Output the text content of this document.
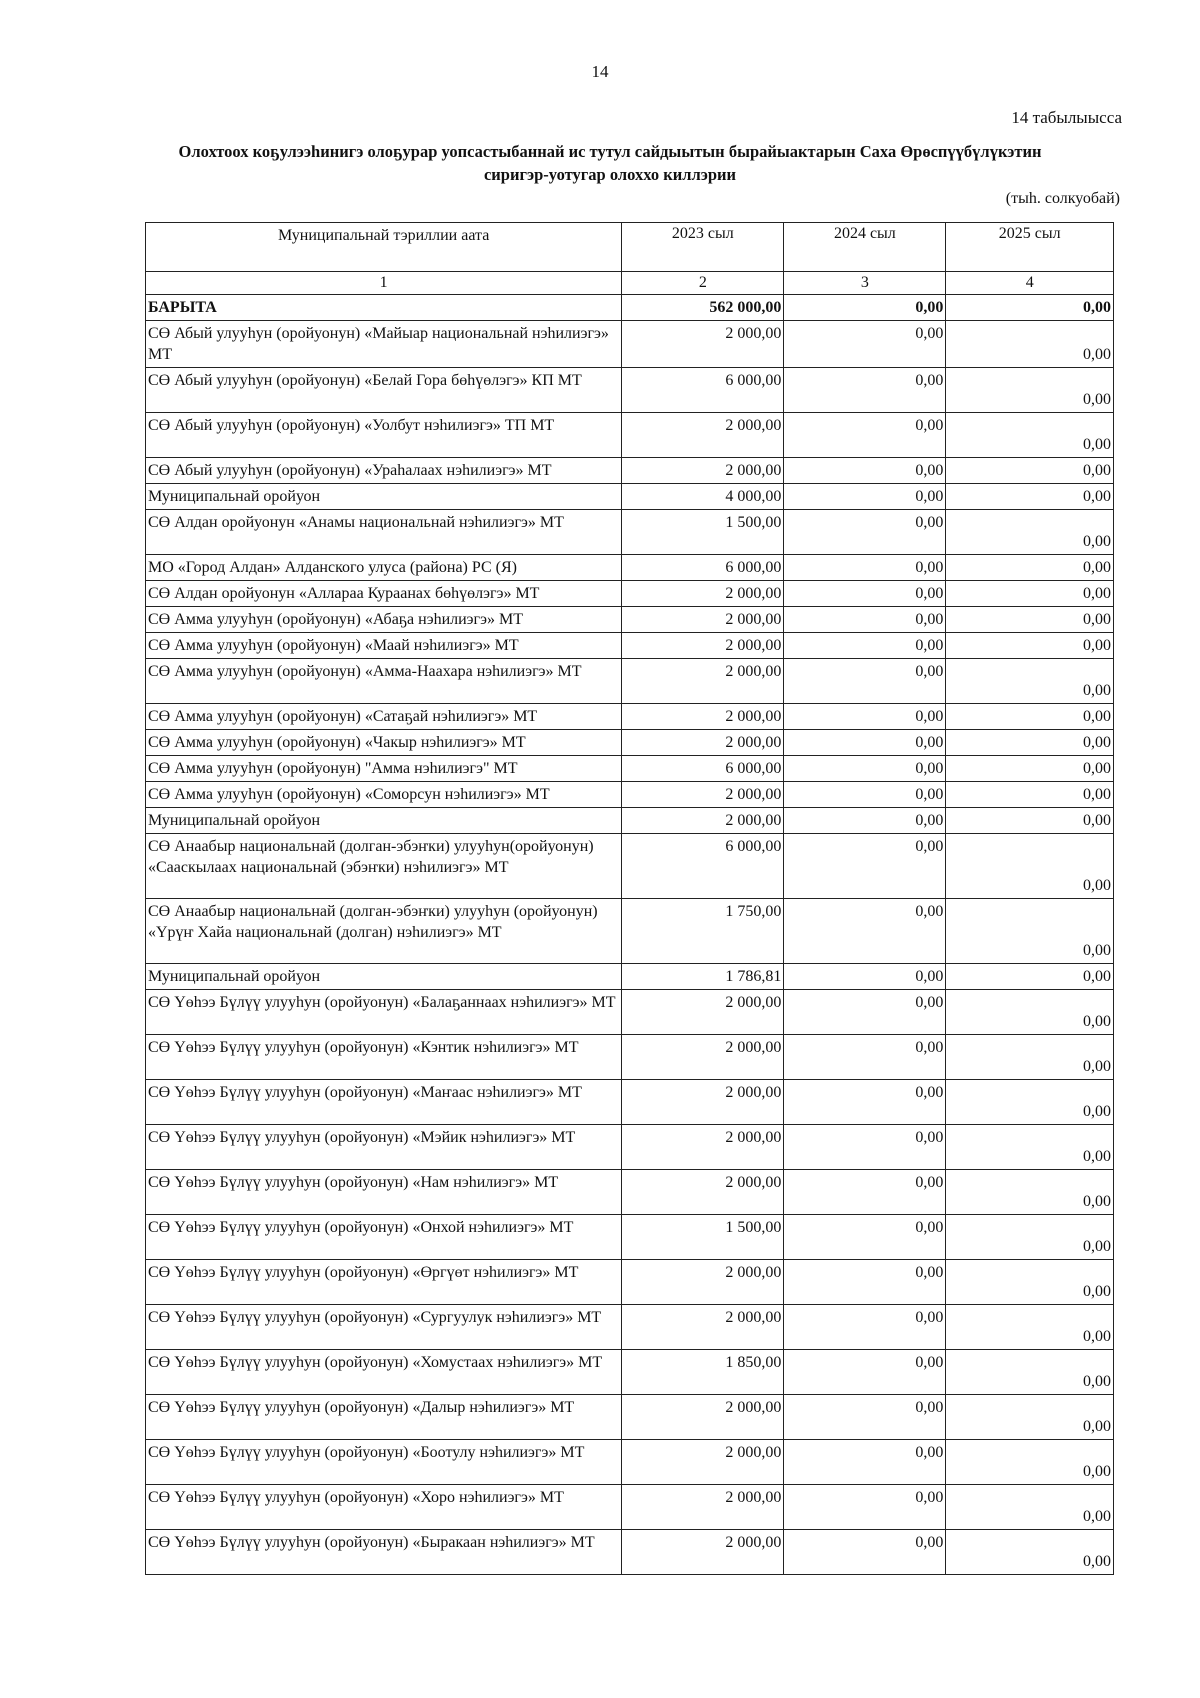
14
14 табылыысса
Олохтоох коҕулээһинигэ олоҕурар уопсастыбаннай ис тутул сайдыытын бырайыактарын Саха Өрөспүүбүлүкэтин
сиригэр-уотугар олоххо киллэрии
(тыһ. солкуобай)
Муниципальнай тэриллии аата	2023 сыл	2024 сыл	2025 сыл
1	2	3	4
БАРЫТА	562 000,00	0,00	0,00
СӨ Абый улууһун (оройуонун) «Майыар национальнай нэһилиэгэ» МТ	2 000,00	0,00	0,00
СӨ Абый улууһун (оройуонун) «Белай Гора бөһүөлэгэ» КП МТ	6 000,00	0,00	0,00
СӨ Абый улууһун (оройуонун) «Уолбут нэһилиэгэ» ТП МТ	2 000,00	0,00	0,00
СӨ Абый улууһун (оройуонун) «Ураһалаах нэһилиэгэ» МТ	2 000,00	0,00	0,00
Муниципальнай оройуон	4 000,00	0,00	0,00
СӨ Алдан оройуонун «Анамы национальнай нэһилиэгэ» МТ	1 500,00	0,00	0,00
МО «Город Алдан» Алданского улуса (района) РС (Я)	6 000,00	0,00	0,00
СӨ Алдан оройуонун «Алларaa Курaанах бөһүөлэгэ» МТ	2 000,00	0,00	0,00
СӨ Амма улууһун (оройуонун) «Абаҕа нэһилиэгэ» МТ	2 000,00	0,00	0,00
СӨ Амма улууһун (оройуонун) «Маай нэһилиэгэ» МТ	2 000,00	0,00	0,00
СӨ Амма улууһун (оройуонун) «Амма-Наахара нэһилиэгэ» МТ	2 000,00	0,00	0,00
СӨ Амма улууһун (оройуонун) «Сатаҕай нэһилиэгэ» МТ	2 000,00	0,00	0,00
СӨ Амма улууһун (оройуонун) «Чакыр нэһилиэгэ» МТ	2 000,00	0,00	0,00
СӨ Амма улууһун (оройуонун) "Амма нэһилиэгэ" МТ	6 000,00	0,00	0,00
СӨ Амма улууһун (оройуонун) «Соморсун нэһилиэгэ» МТ	2 000,00	0,00	0,00
Муниципальнай оройуон	2 000,00	0,00	0,00
СӨ Анаабыр национальнай (долган-эбэҥки) улууһун(оройуонун) «Сааскылаах национальнай (эбэҥки) нэһилиэгэ» МТ	6 000,00	0,00	0,00
СӨ Анаабыр национальнай (долган-эбэҥки) улууһун (оройуонун) «Үрүҥ Хайа национальнай (долган) нэһилиэгэ» МТ	1 750,00	0,00	0,00
Муниципальнай оройуон	1 786,81	0,00	0,00
СӨ Үөһээ Бүлүү улууһун (оройуонун) «Балаҕаннаах нэһилиэгэ» МТ	2 000,00	0,00	0,00
СӨ Үөһээ Бүлүү улууһун (оройуонун) «Кэнтик нэһилиэгэ» МТ	2 000,00	0,00	0,00
СӨ Үөһээ Бүлүү улууһун (оройуонун) «Маҥаас нэһилиэгэ» МТ	2 000,00	0,00	0,00
СӨ Үөһээ Бүлүү улууһун (оройуонун) «Мэйик нэһилиэгэ» МТ	2 000,00	0,00	0,00
СӨ Үөһээ Бүлүү улууһун (оройуонун) «Нам нэһилиэгэ» МТ	2 000,00	0,00	0,00
СӨ Үөһээ Бүлүү улууһун (оройуонун) «Онхой нэһилиэгэ» МТ	1 500,00	0,00	0,00
СӨ Үөһээ Бүлүү улууһун (оройуонун) «Өргүөт нэһилиэгэ» МТ	2 000,00	0,00	0,00
СӨ Үөһээ Бүлүү улууһун (оройуонун) «Сургуулук нэһилиэгэ» МТ	2 000,00	0,00	0,00
СӨ Үөһээ Бүлүү улууһун (оройуонун) «Хомустаах нэһилиэгэ» МТ	1 850,00	0,00	0,00
СӨ Үөһээ Бүлүү улууһун (оройуонун) «Далыр нэһилиэгэ» МТ	2 000,00	0,00	0,00
СӨ Үөһээ Бүлүү улууһун (оройуонун) «Боотулу нэһилиэгэ» МТ	2 000,00	0,00	0,00
СӨ Үөһээ Бүлүү улууһун (оройуонун) «Хоро нэһилиэгэ» МТ	2 000,00	0,00	0,00
СӨ Үөһээ Бүлүү улууһун (оройуонун) «Быракаан нэһилиэгэ» МТ	2 000,00	0,00	0,00
